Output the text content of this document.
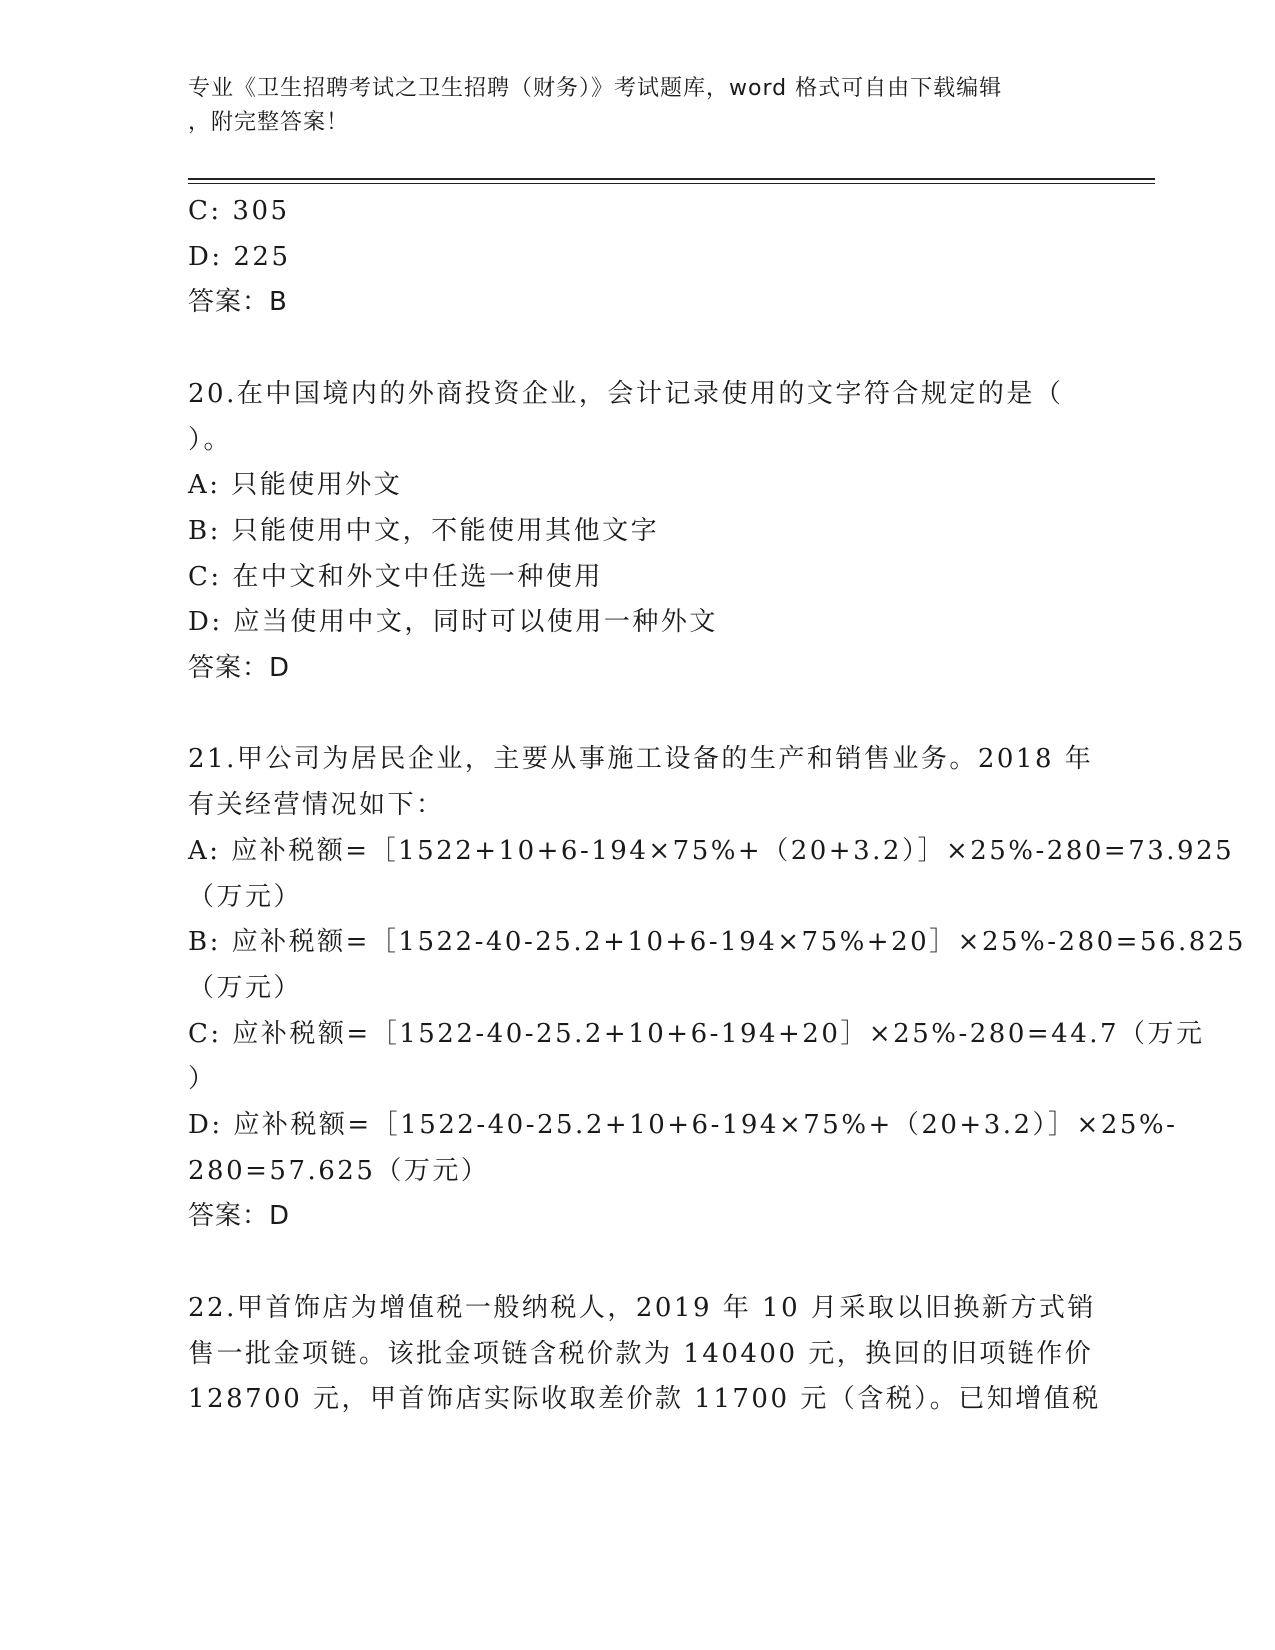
专业《卫生招聘考试之卫生招聘（财务）》考试题库，word 格式可自由下载编辑
，附完整答案！
C: 305
D: 225
答案：B
20.在中国境内的外商投资企业，会计记录使用的文字符合规定的是（
）。
A: 只能使用外文
B: 只能使用中文，不能使用其他文字
C: 在中文和外文中任选一种使用
D: 应当使用中文，同时可以使用一种外文
答案：D
21.甲公司为居民企业，主要从事施工设备的生产和销售业务。2018 年
有关经营情况如下：
A: 应补税额=［1522+10+6-194×75%+（20+3.2）］×25%-280=73.925
（万元）
B: 应补税额=［1522-40-25.2+10+6-194×75%+20］×25%-280=56.825
（万元）
C: 应补税额=［1522-40-25.2+10+6-194+20］×25%-280=44.7（万元
）
D: 应补税额=［1522-40-25.2+10+6-194×75%+（20+3.2）］×25%-
280=57.625（万元）
答案：D
22.甲首饰店为增值税一般纳税人，2019 年 10 月采取以旧换新方式销
售一批金项链。该批金项链含税价款为 140400 元，换回的旧项链作价
128700 元，甲首饰店实际收取差价款 11700 元（含税）。已知增值税
